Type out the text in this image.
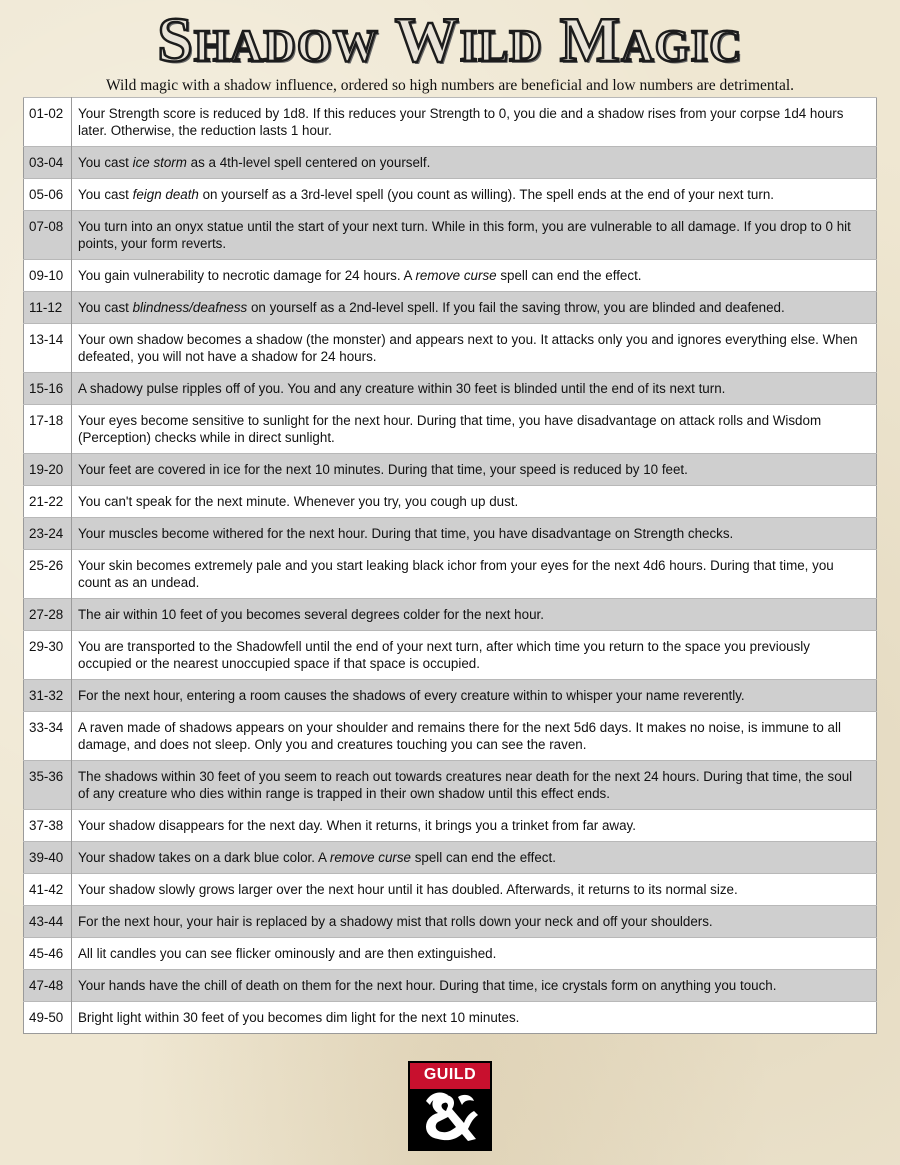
Shadow Wild Magic
Wild magic with a shadow influence, ordered so high numbers are beneficial and low numbers are detrimental.
01-02	Your Strength score is reduced by 1d8. If this reduces your Strength to 0, you die and a shadow rises from your corpse 1d4 hours later. Otherwise, the reduction lasts 1 hour.
03-04	You cast ice storm as a 4th-level spell centered on yourself.
05-06	You cast feign death on yourself as a 3rd-level spell (you count as willing). The spell ends at the end of your next turn.
07-08	You turn into an onyx statue until the start of your next turn. While in this form, you are vulnerable to all damage. If you drop to 0 hit points, your form reverts.
09-10	You gain vulnerability to necrotic damage for 24 hours. A remove curse spell can end the effect.
11-12	You cast blindness/deafness on yourself as a 2nd-level spell. If you fail the saving throw, you are blinded and deafened.
13-14	Your own shadow becomes a shadow (the monster) and appears next to you. It attacks only you and ignores everything else. When defeated, you will not have a shadow for 24 hours.
15-16	A shadowy pulse ripples off of you. You and any creature within 30 feet is blinded until the end of its next turn.
17-18	Your eyes become sensitive to sunlight for the next hour. During that time, you have disadvantage on attack rolls and Wisdom (Perception) checks while in direct sunlight.
19-20	Your feet are covered in ice for the next 10 minutes. During that time, your speed is reduced by 10 feet.
21-22	You can't speak for the next minute. Whenever you try, you cough up dust.
23-24	Your muscles become withered for the next hour. During that time, you have disadvantage on Strength checks.
25-26	Your skin becomes extremely pale and you start leaking black ichor from your eyes for the next 4d6 hours. During that time, you count as an undead.
27-28	The air within 10 feet of you becomes several degrees colder for the next hour.
29-30	You are transported to the Shadowfell until the end of your next turn, after which time you return to the space you previously occupied or the nearest unoccupied space if that space is occupied.
31-32	For the next hour, entering a room causes the shadows of every creature within to whisper your name reverently.
33-34	A raven made of shadows appears on your shoulder and remains there for the next 5d6 days. It makes no noise, is immune to all damage, and does not sleep. Only you and creatures touching you can see the raven.
35-36	The shadows within 30 feet of you seem to reach out towards creatures near death for the next 24 hours. During that time, the soul of any creature who dies within range is trapped in their own shadow until this effect ends.
37-38	Your shadow disappears for the next day. When it returns, it brings you a trinket from far away.
39-40	Your shadow takes on a dark blue color. A remove curse spell can end the effect.
41-42	Your shadow slowly grows larger over the next hour until it has doubled. Afterwards, it returns to its normal size.
43-44	For the next hour, your hair is replaced by a shadowy mist that rolls down your neck and off your shoulders.
45-46	All lit candles you can see flicker ominously and are then extinguished.
47-48	Your hands have the chill of death on them for the next hour. During that time, ice crystals form on anything you touch.
49-50	Bright light within 30 feet of you becomes dim light for the next 10 minutes.
GUILD
